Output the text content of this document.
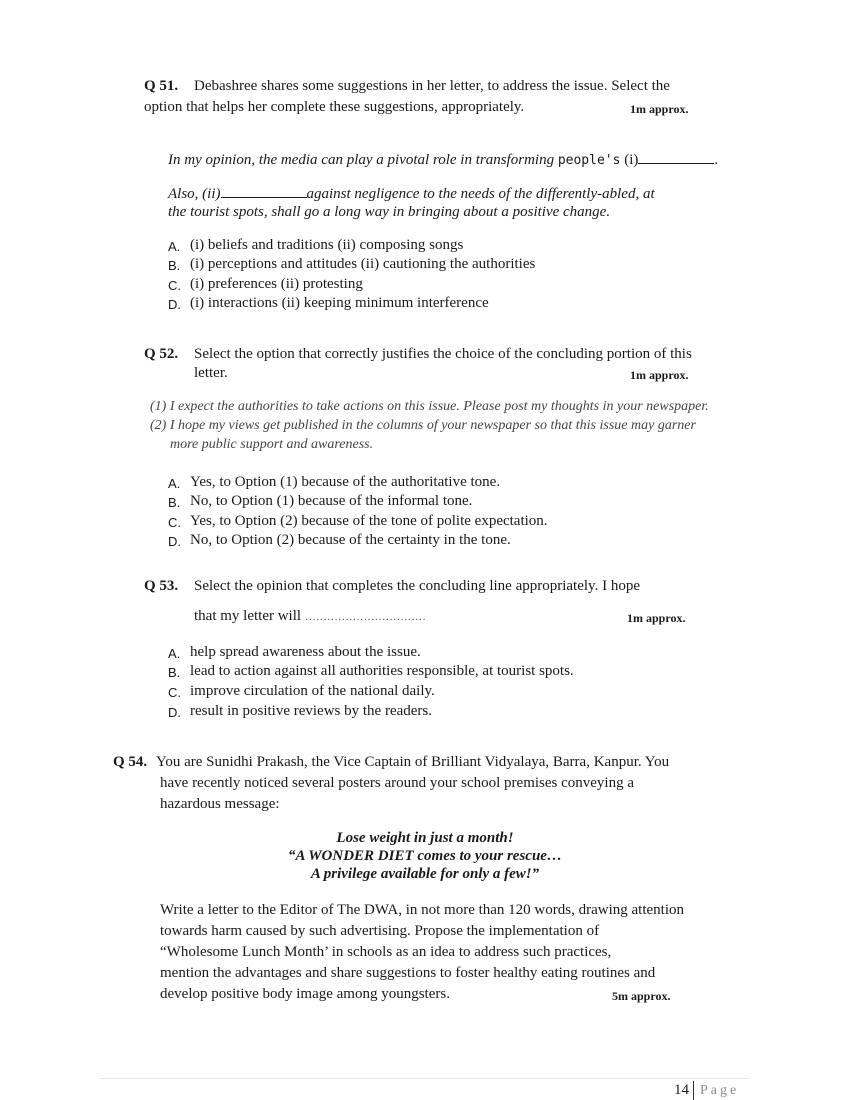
Q 51. Debashree shares some suggestions in her letter, to address the issue. Select the
option that helps her complete these suggestions, appropriately.	1m approx.
In my opinion, the media can play a pivotal role in transforming people's (i)	.
Also, (ii)	against negligence to the needs of the differently-abled, at
the tourist spots, shall go a long way in bringing about a positive change.
A. (i) beliefs and traditions (ii) composing songs
B. (i) perceptions and attitudes (ii) cautioning the authorities
C. (i) preferences (ii) protesting
D. (i) interactions (ii) keeping minimum interference
Q 52. Select the option that correctly justifies the choice of the concluding portion of this
letter.	1m approx.
(1) I expect the authorities to take actions on this issue. Please post my thoughts in your newspaper.
(2) I hope my views get published in the columns of your newspaper so that this issue may garner
more public support and awareness.
A. Yes, to Option (1) because of the authoritative tone.
B. No, to Option (1) because of the informal tone.
C. Yes, to Option (2) because of the tone of polite expectation.
D. No, to Option (2) because of the certainty in the tone.
Q 53. Select the opinion that completes the concluding line appropriately. I hope
that my letter will ……………………………	1m approx.
A. help spread awareness about the issue.
B. lead to action against all authorities responsible, at tourist spots.
C. improve circulation of the national daily.
D. result in positive reviews by the readers.
Q 54. You are Sunidhi Prakash, the Vice Captain of Brilliant Vidyalaya, Barra, Kanpur. You
have recently noticed several posters around your school premises conveying a
hazardous message:
Lose weight in just a month!
“A WONDER DIET comes to your rescue…
A privilege available for only a few!”
Write a letter to the Editor of The DWA, in not more than 120 words, drawing attention
towards harm caused by such advertising. Propose the implementation of
“Wholesome Lunch Month’ in schools as an idea to address such practices,
mention the advantages and share suggestions to foster healthy eating routines and
develop positive body image among youngsters.	5m approx.
14 Page
